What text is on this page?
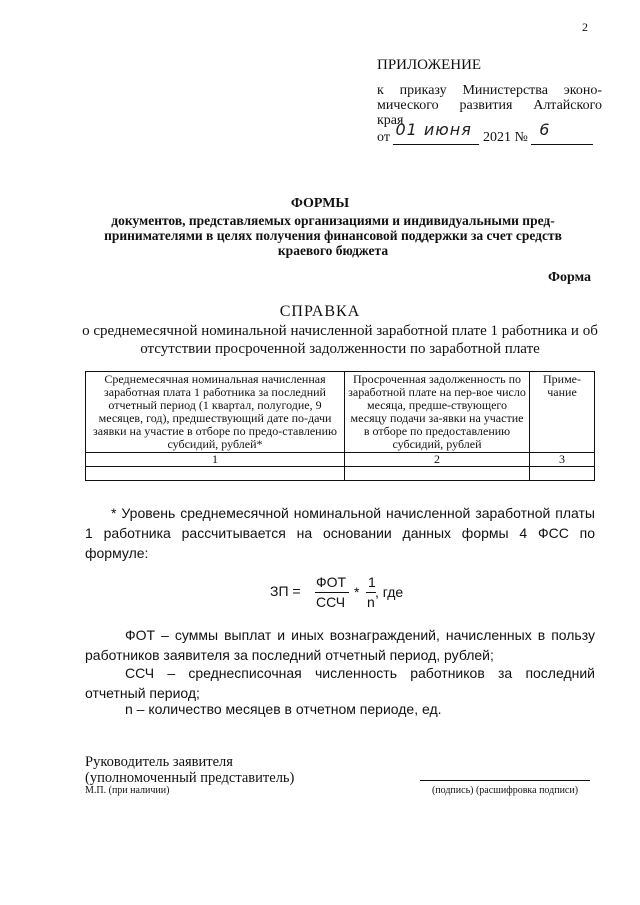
2
ПРИЛОЖЕНИЕ
к приказу Министерства эконо-
мического развития Алтайского
края
от 01 июня 2021 № 6
ФОРМЫ
документов, представляемых организациями и индивидуальными пред-принимателями в целях получения финансовой поддержки за счет средств краевого бюджета
Форма
СПРАВКА
о среднемесячной номинальной начисленной заработной плате 1 работника и об отсутствии просроченной задолженности по заработной плате
Среднемесячная номинальная начисленная заработная плата 1 работника за последний отчетный период (1 квартал, полугодие, 9 месяцев, год), предшествующий дате по-дачи заявки на участие в отборе по предо-ставлению субсидий, рублей*	Просроченная задолженность по заработной плате на пер-вое число месяца, предше-ствующего месяцу подачи за-явки на участие в отборе по предоставлению субсидий, рублей	Приме-чание
1	2	3

* Уровень среднемесячной номинальной начисленной заработной платы 1 работника рассчитывается на основании данных формы 4 ФСС по формуле:
ЗП =
ФОТ
ССЧ
*
1
n
, где
ФОТ – суммы выплат и иных вознаграждений, начисленных в пользу работников заявителя за последний отчетный период, рублей;
ССЧ – среднесписочная численность работников за последний отчетный период;
n – количество месяцев в отчетном периоде, ед.
Руководитель заявителя
(уполномоченный представитель)
М.П. (при наличии)	(подпись) (расшифровка подписи)
